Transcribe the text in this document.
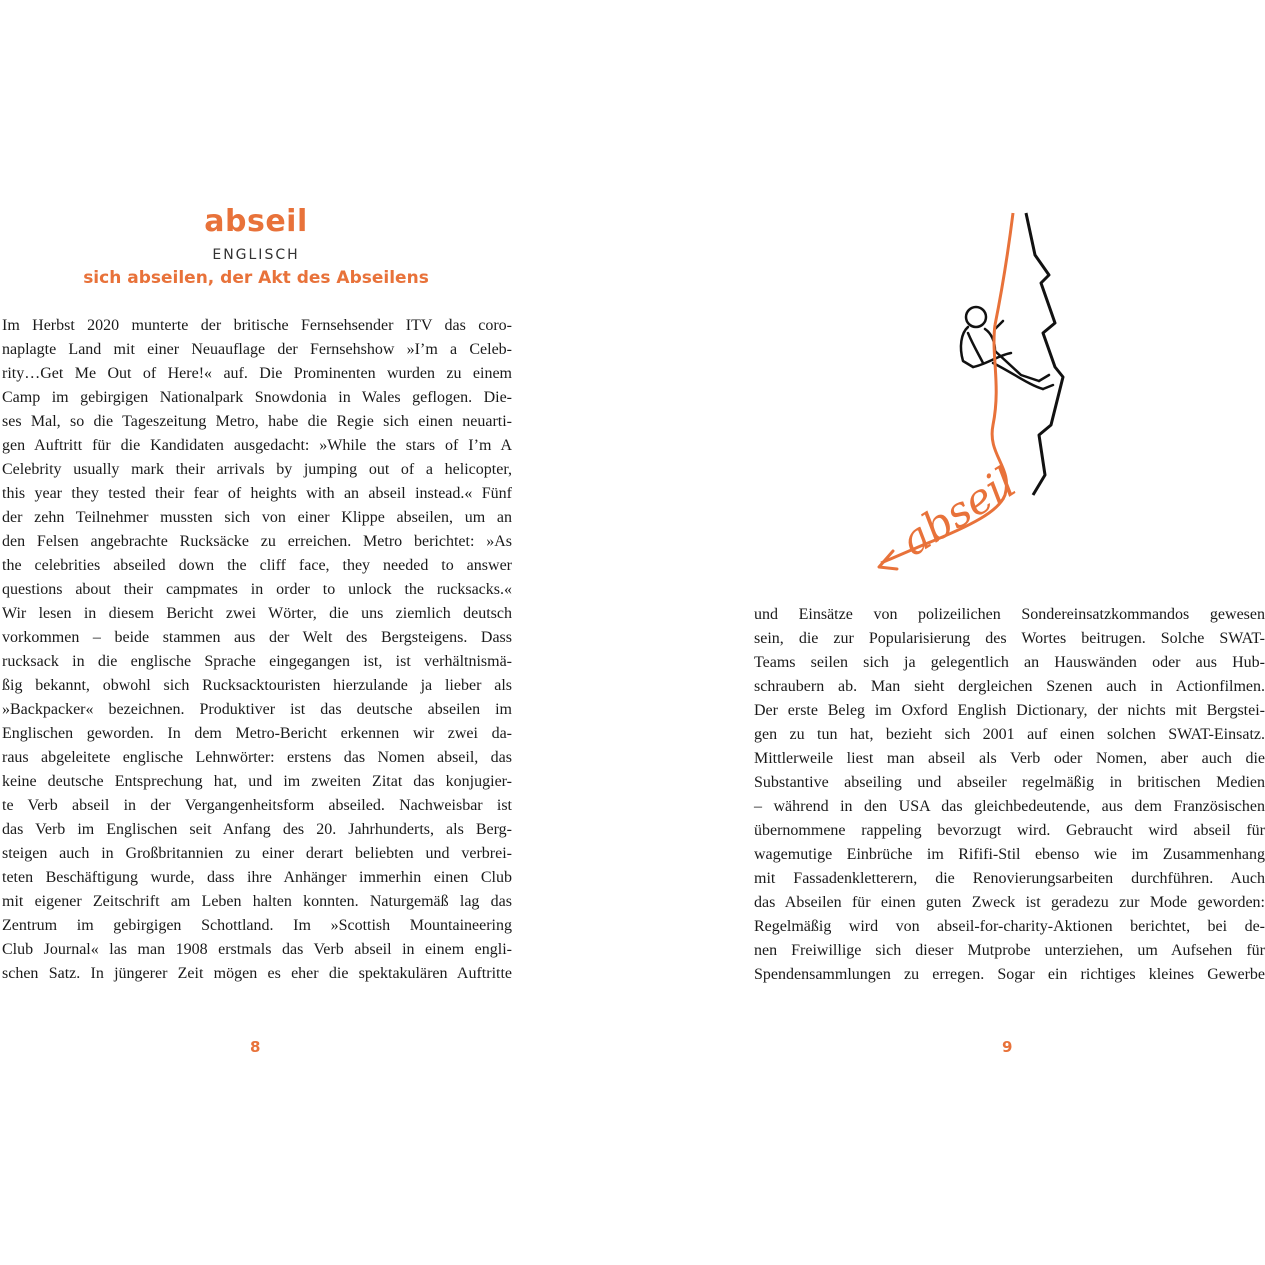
abseil
ENGLISCH
sich abseilen, der Akt des Abseilens
Im Herbst 2020 munterte der britische Fernsehsender ITV das coro-
naplagte Land mit einer Neuauflage der Fernsehshow »I’m a Celeb-
rity…Get Me Out of Here!« auf. Die Prominenten wurden zu einem
Camp im gebirgigen Nationalpark Snowdonia in Wales geflogen. Die-
ses Mal, so die Tageszeitung Metro, habe die Regie sich einen neuarti-
gen Auftritt für die Kandidaten ausgedacht: »While the stars of I’m A
Celebrity usually mark their arrivals by jumping out of a helicopter,
this year they tested their fear of heights with an abseil instead.« Fünf
der zehn Teilnehmer mussten sich von einer Klippe abseilen, um an
den Felsen angebrachte Rucksäcke zu erreichen. Metro berichtet: »As
the celebrities abseiled down the cliff face, they needed to answer
questions about their campmates in order to unlock the rucksacks.«
Wir lesen in diesem Bericht zwei Wörter, die uns ziemlich deutsch
vorkommen – beide stammen aus der Welt des Bergsteigens. Dass
rucksack in die englische Sprache eingegangen ist, ist verhältnismä-
ßig bekannt, obwohl sich Rucksacktouristen hierzulande ja lieber als
»Backpacker« bezeichnen. Produktiver ist das deutsche abseilen im
Englischen geworden. In dem Metro-Bericht erkennen wir zwei da-
raus abgeleitete englische Lehnwörter: erstens das Nomen abseil, das
keine deutsche Entsprechung hat, und im zweiten Zitat das konjugier-
te Verb abseil in der Vergangenheitsform abseiled. Nachweisbar ist
das Verb im Englischen seit Anfang des 20. Jahrhunderts, als Berg-
steigen auch in Großbritannien zu einer derart beliebten und verbrei-
teten Beschäftigung wurde, dass ihre Anhänger immerhin einen Club
mit eigener Zeitschrift am Leben halten konnten. Naturgemäß lag das
Zentrum im gebirgigen Schottland. Im »Scottish Mountaineering
Club Journal« las man 1908 erstmals das Verb abseil in einem engli-
schen Satz. In jüngerer Zeit mögen es eher die spektakulären Auftritte
8
abseil
und Einsätze von polizeilichen Sondereinsatzkommandos gewesen
sein, die zur Popularisierung des Wortes beitrugen. Solche SWAT-
Teams seilen sich ja gelegentlich an Hauswänden oder aus Hub-
schraubern ab. Man sieht dergleichen Szenen auch in Actionfilmen.
Der erste Beleg im Oxford English Dictionary, der nichts mit Bergstei-
gen zu tun hat, bezieht sich 2001 auf einen solchen SWAT-Einsatz.
Mittlerweile liest man abseil als Verb oder Nomen, aber auch die
Substantive abseiling und abseiler regelmäßig in britischen Medien
– während in den USA das gleichbedeutende, aus dem Französischen
übernommene rappeling bevorzugt wird. Gebraucht wird abseil für
wagemutige Einbrüche im Rififi-Stil ebenso wie im Zusammenhang
mit Fassadenkletterern, die Renovierungsarbeiten durchführen. Auch
das Abseilen für einen guten Zweck ist geradezu zur Mode geworden:
Regelmäßig wird von abseil-for-charity-Aktionen berichtet, bei de-
nen Freiwillige sich dieser Mutprobe unterziehen, um Aufsehen für
Spendensammlungen zu erregen. Sogar ein richtiges kleines Gewerbe
9
